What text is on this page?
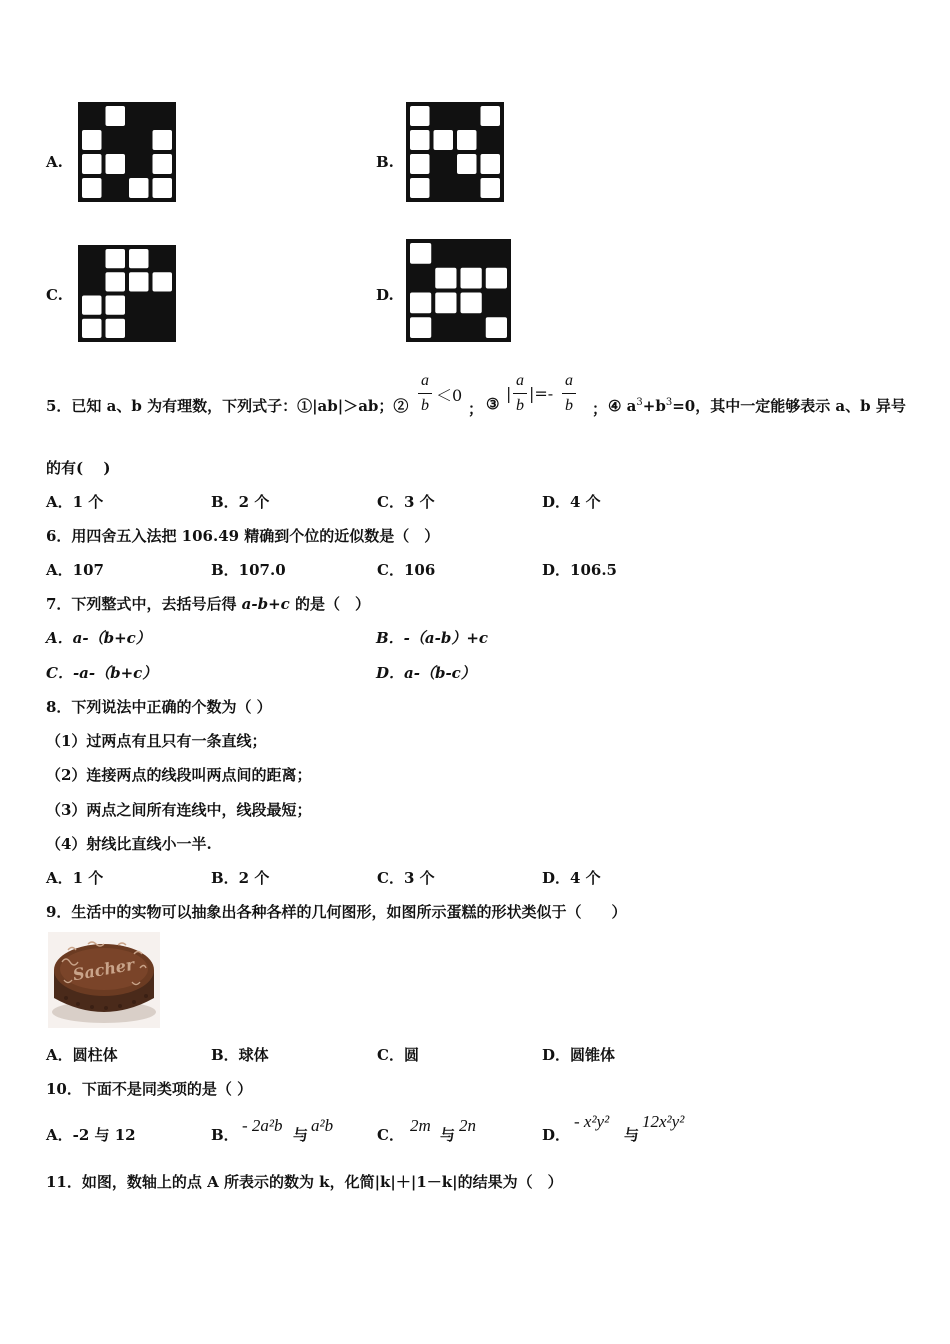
A.	B.
C.	D.
5．已知 a、b 为有理数，下列式子：①|ab|＞ab；②
a
b
＜0
； ③
|
a
b
|=-
a
b ； ④ $a^3+b^3=0$，其中一定能够表示 a、b 异号
的有(　 )
A．1 个	B．2 个	C．3 个	D．4 个
6．用四舍五入法把 106.49 精确到个位的近似数是（　）
A．107	B．107.0	C．106	D．106.5
7．下列整式中，去括号后得 a-b+c 的是（　）
A．a-（b+c）	B．-（a-b）+c
C．-a-（b+c）	D．a-（b-c）
8．下列说法中正确的个数为（ ）
（1）过两点有且只有一条直线；
（2）连接两点的线段叫两点间的距离；
（3）两点之间所有连线中，线段最短；
（4）射线比直线小一半.
A．1 个	B．2 个	C．3 个	D．4 个
9．生活中的实物可以抽象出各种各样的几何图形，如图所示蛋糕的形状类似于（　　）
Sacher
A．圆柱体	B．球体	C．圆	D．圆锥体
10．下面不是同类项的是（ ）
A．-2 与 12	B． - 2a²b 与 a²b	C． 2m 与 2n	D．
- x²y²
与
12x²y²
11．如图，数轴上的点 A 所表示的数为 k，化简|k|＋|1－k|的结果为（　）
